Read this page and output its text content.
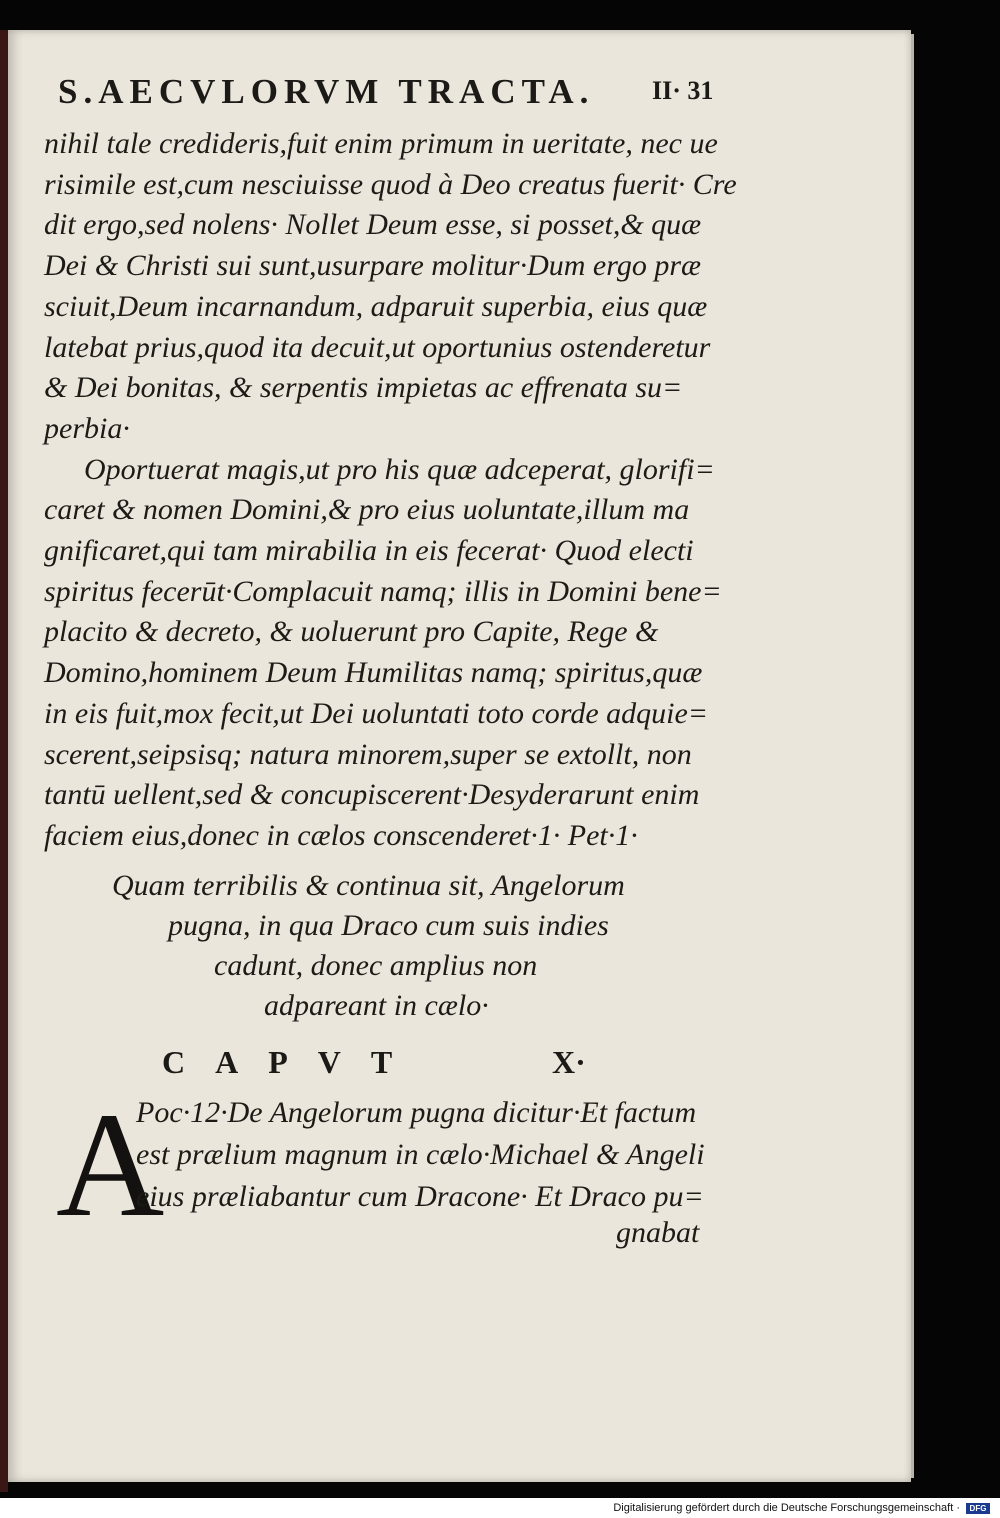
S.AECVLORVM TRACTA.	II· 31
nihil tale credideris,fuit enim primum in ueritate, nec ue
risimile est,cum nesciuisse quod à Deo creatus fuerit· Cre
dit ergo,sed nolens· Nollet Deum esse, si posset,& quæ
Dei & Christi sui sunt,usurpare molitur·Dum ergo præ
sciuit,Deum incarnandum, adparuit superbia, eius quæ
latebat prius,quod ita decuit,ut oportunius ostenderetur
& Dei bonitas, & serpentis impietas ac effrenata su=
perbia·
Oportuerat magis,ut pro his quæ adceperat, glorifi=
caret & nomen Domini,& pro eius uoluntate,illum ma
gnificaret,qui tam mirabilia in eis fecerat· Quod electi
spiritus fecerūt·Complacuit namq; illis in Domini bene=
placito & decreto, & uoluerunt pro Capite, Rege &
Domino,hominem Deum Humilitas namq; spiritus,quæ
in eis fuit,mox fecit,ut Dei uoluntati toto corde adquie=
scerent,seipsisq; natura minorem,super se extollt, non
tantū uellent,sed & concupiscerent·Desyderarunt enim
faciem eius,donec in cælos conscenderet·1· Pet·1·
Quam terribilis & continua sit, Angelorum
pugna, in qua Draco cum suis indies
cadunt, donec amplius non
adpareant in cælo·
CAPVT	X·
A
Poc·12·De Angelorum pugna dicitur·Et factum
est prælium magnum in cælo·Michael & Angeli
eius præliabantur cum Dracone· Et Draco pu=
gnabat
Digitalisierung gefördert durch die Deutsche Forschungsgemeinschaft ·	DFG
